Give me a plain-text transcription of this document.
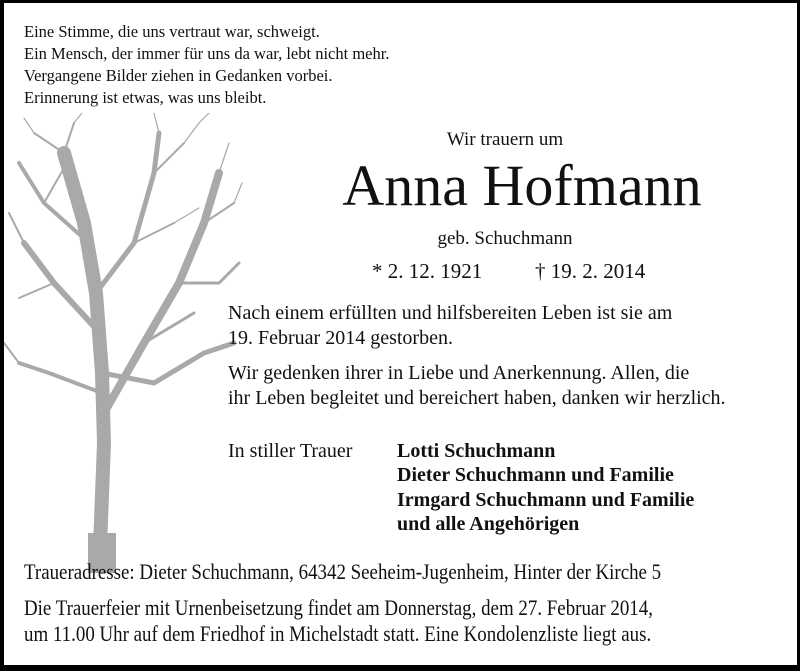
Eine Stimme, die uns vertraut war, schweigt.
Ein Mensch, der immer für uns da war, lebt nicht mehr.
Vergangene Bilder ziehen in Gedanken vorbei.
Erinnerung ist etwas, was uns bleibt.
Wir trauern um
Anna Hofmann
geb. Schuchmann
* 2. 12. 1921	† 19. 2. 2014
Nach einem erfüllten und hilfsbereiten Leben ist sie am
19. Februar 2014 gestorben.
Wir gedenken ihrer in Liebe und Anerkennung. Allen, die
ihr Leben begleitet und bereichert haben, danken wir herzlich.
In stiller Trauer Lotti Schuchmann
Dieter Schuchmann und Familie
Irmgard Schuchmann und Familie
und alle Angehörigen
Traueradresse: Dieter Schuchmann, 64342 Seeheim-Jugenheim, Hinter der Kirche 5
Die Trauerfeier mit Urnenbeisetzung findet am Donnerstag, dem 27. Februar 2014,
um 11.00 Uhr auf dem Friedhof in Michelstadt statt. Eine Kondolenzliste liegt aus.
